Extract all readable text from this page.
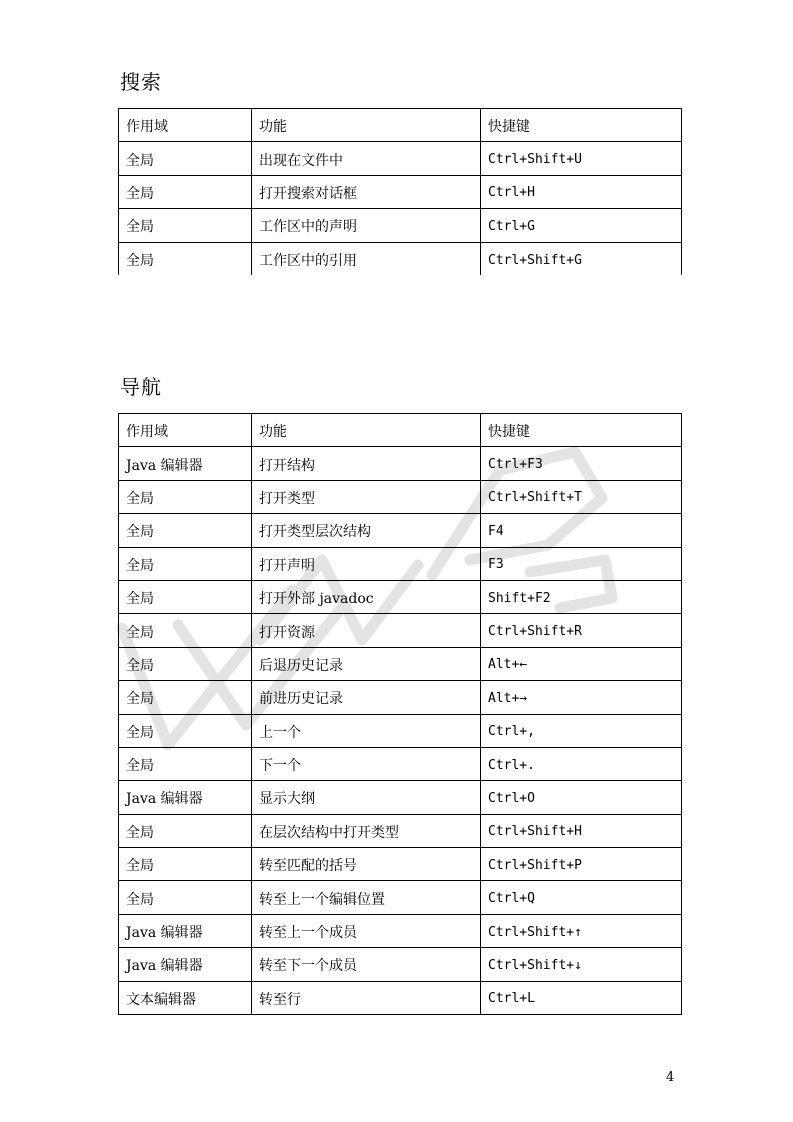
搜索
作用域	功能	快捷键
全局	出现在文件中	Ctrl+Shift+U
全局	打开搜索对话框	Ctrl+H
全局	工作区中的声明	Ctrl+G
全局	工作区中的引用	Ctrl+Shift+G
导航
作用域	功能	快捷键
Java 编辑器	打开结构	Ctrl+F3
全局	打开类型	Ctrl+Shift+T
全局	打开类型层次结构	F4
全局	打开声明	F3
全局	打开外部 javadoc	Shift+F2
全局	打开资源	Ctrl+Shift+R
全局	后退历史记录	Alt+←
全局	前进历史记录	Alt+→
全局	上一个	Ctrl+,
全局	下一个	Ctrl+.
Java 编辑器	显示大纲	Ctrl+O
全局	在层次结构中打开类型	Ctrl+Shift+H
全局	转至匹配的括号	Ctrl+Shift+P
全局	转至上一个编辑位置	Ctrl+Q
Java 编辑器	转至上一个成员	Ctrl+Shift+↑
Java 编辑器	转至下一个成员	Ctrl+Shift+↓
文本编辑器	转至行	Ctrl+L
4
